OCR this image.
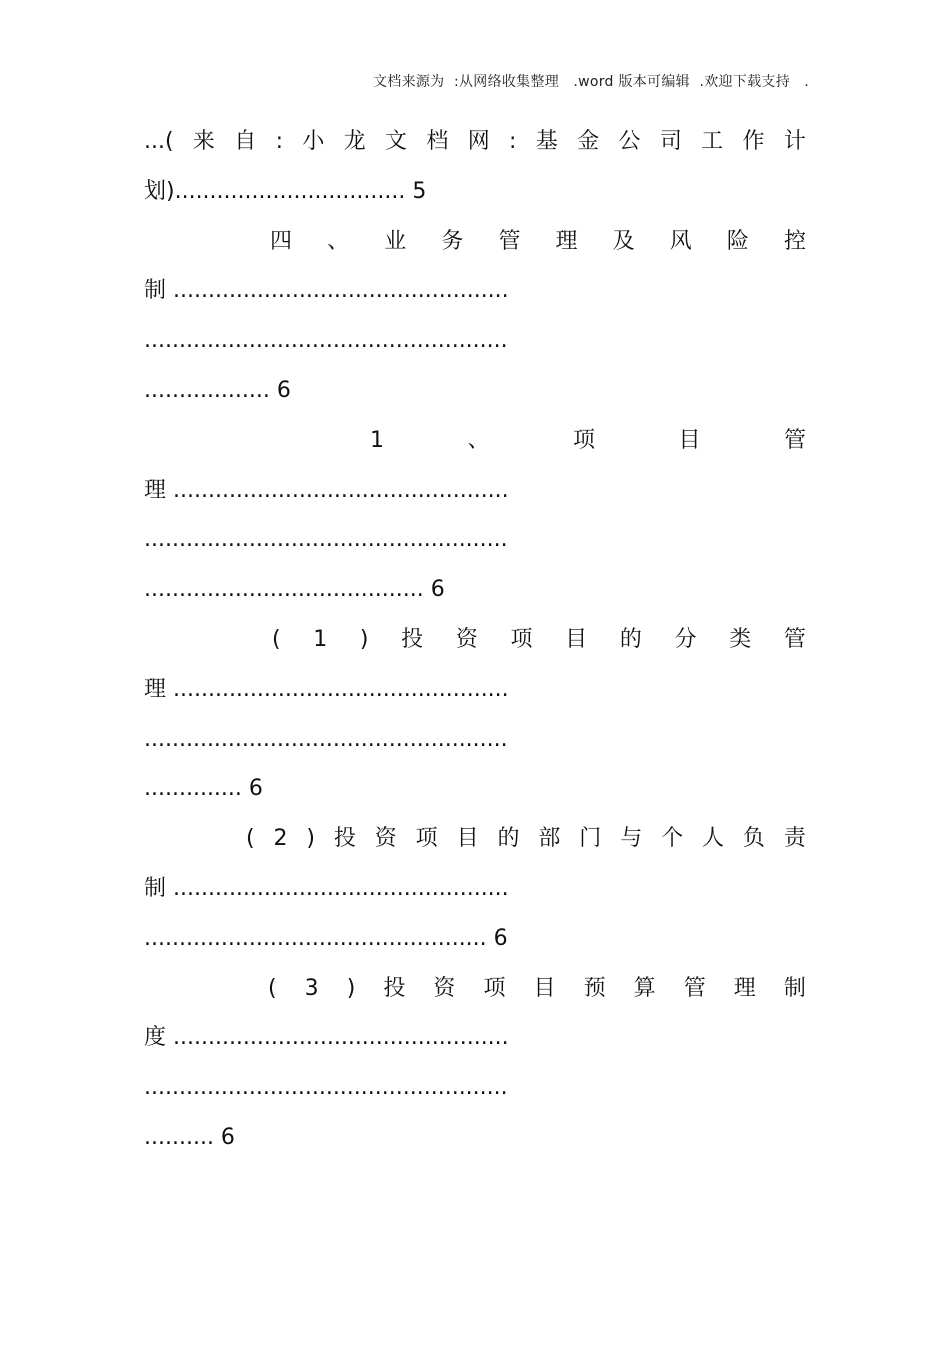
文档来源为  :从网络收集整理   .word 版本可编辑  .欢迎下载支持   .
...( 来 自 : 小 龙 文 档 网 : 基 金 公 司 工 作 计
划)................................. 5
四 、 业 务 管 理 及 风 险 控
制 ................................................
....................................................
.................. 6
1	、	项	目	管
理 ................................................
....................................................
........................................ 6
( 1 ) 投 资 项 目 的 分 类 管
理 ................................................
....................................................
.............. 6
( 2 ) 投 资 项 目 的 部 门 与 个 人 负 责
制 ................................................
................................................. 6
( 3 ) 投 资 项 目 预 算 管 理 制
度 ................................................
....................................................
.......... 6
